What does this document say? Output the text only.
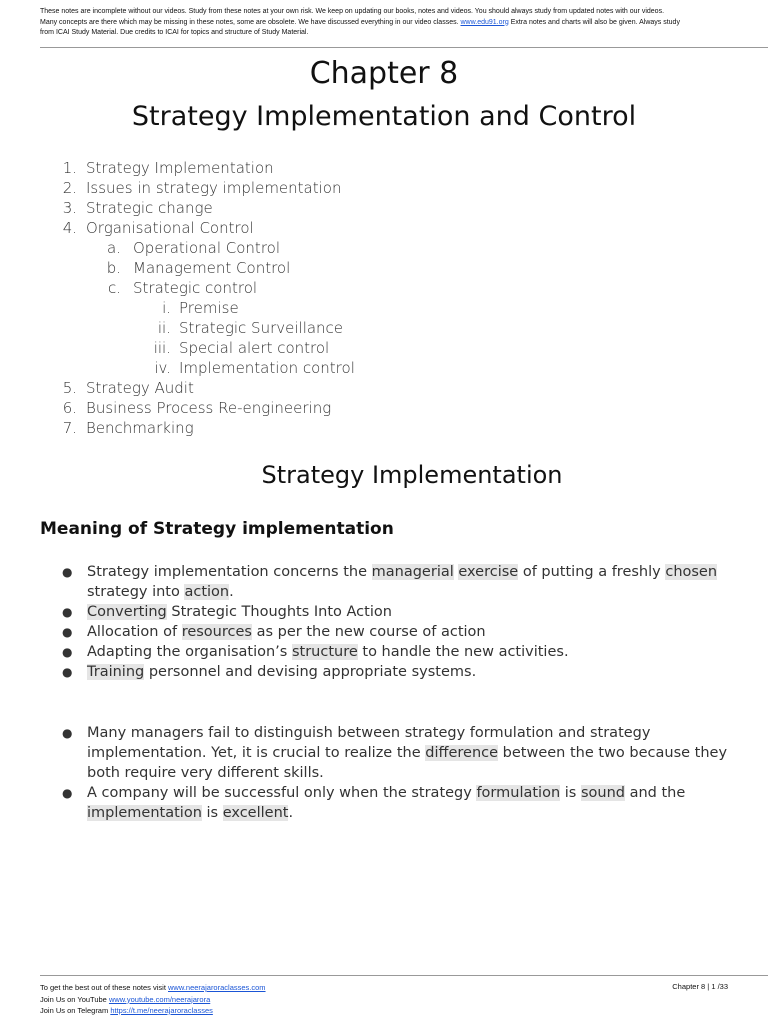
These notes are incomplete without our videos. Study from these notes at your own risk. We keep on updating our books, notes and videos. You should always study from updated notes with our videos.
Many concepts are there which may be missing in these notes, some are obsolete. We have discussed everything in our video classes. www.edu91.org Extra notes and charts will also be given. Always study
from ICAI Study Material. Due credits to ICAI for topics and structure of Study Material.
Chapter 8
Strategy Implementation and Control
1. Strategy Implementation
2. Issues in strategy implementation
3. Strategic change
4. Organisational Control
a. Operational Control
b. Management Control
c. Strategic control
i. Premise
ii. Strategic Surveillance
iii. Special alert control
iv. Implementation control
5. Strategy Audit
6. Business Process Re-engineering
7. Benchmarking
Strategy Implementation
Meaning of Strategy implementation
● Strategy implementation concerns the managerial exercise of putting a freshly chosen strategy into action.
● Converting Strategic Thoughts Into Action
● Allocation of resources as per the new course of action
● Adapting the organisation’s structure to handle the new activities.
● Training personnel and devising appropriate systems.
● Many managers fail to distinguish between strategy formulation and strategy implementation. Yet, it is crucial to realize the difference between the two because they both require very different skills.
● A company will be successful only when the strategy formulation is sound and the implementation is excellent.
To get the best out of these notes visit www.neerajaroraclasses.com
Join Us on YouTube www.youtube.com/neerajarora
Join Us on Telegram https://t.me/neerajaroraclasses
Chapter 8 | 1 /33
